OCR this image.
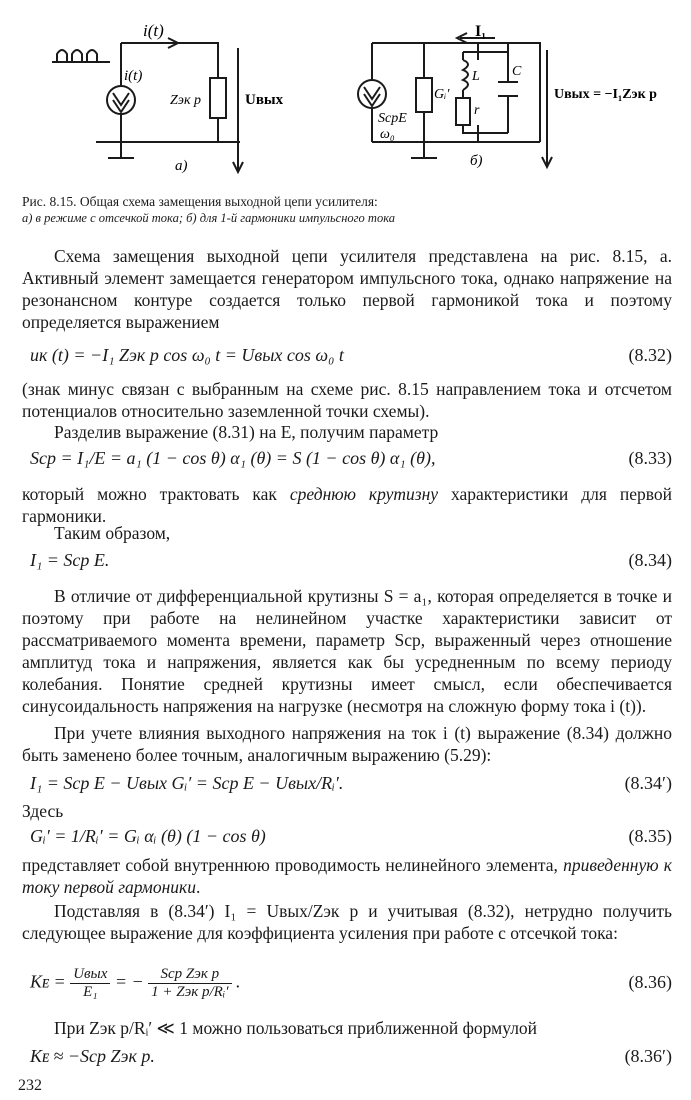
i(t)
i(t)
Zэк р	Uвых
а)
I₁
SсрE
ω₀
Gᵢ′
L
r
C
Uвых = −I₁Zэк р
б)
Рис. 8.15. Общая схема замещения выходной цепи усилителя:
а) в режиме с отсечкой тока; б) для 1-й гармоники импульсного тока
Схема замещения выходной цепи усилителя представлена на рис. 8.15, а. Активный элемент замещается генератором импульсного тока, однако напряжение на резонансном контуре создается только первой гармоникой тока и поэтому определяется выражением
uк (t) = −I₁ Zэк р cos ω₀ t = Uвых cos ω₀ t	(8.32)
(знак минус связан с выбранным на схеме рис. 8.15 направлением тока и отсчетом потенциалов относительно заземленной точки схемы).
Разделив выражение (8.31) на E, получим параметр
Sср = I₁/E = a₁ (1 − cos θ) α₁ (θ) = S (1 − cos θ) α₁ (θ),	(8.33)
который можно трактовать как среднюю крутизну характеристики для первой гармоники.
Таким образом,
I₁ = Sср E.	(8.34)
В отличие от дифференциальной крутизны S = a₁, которая определяется в точке и поэтому при работе на нелинейном участке характеристики зависит от рассматриваемого момента времени, параметр Sср, выраженный через отношение амплитуд тока и напряжения, является как бы усредненным по всему периоду колебания. Понятие средней крутизны имеет смысл, если обеспечивается синусоидальность напряжения на нагрузке (несмотря на сложную форму тока i (t)).
При учете влияния выходного напряжения на ток i (t) выражение (8.34) должно быть заменено более точным, аналогичным выражению (5.29):
I₁ = Sср E − Uвых Gᵢ′ = Sср E − Uвых/Rᵢ′.	(8.34′)
Здесь
Gᵢ′ = 1/Rᵢ′ = Gᵢ αᵢ (θ) (1 − cos θ)	(8.35)
представляет собой внутреннюю проводимость нелинейного элемента, приведенную к току первой гармоники.
Подставляя в (8.34′) I₁ = Uвых/Zэк р и учитывая (8.32), нетрудно получить следующее выражение для коэффициента усиления при работе с отсечкой тока:
Kᴇ = $\frac{\text{Uвых}}{\text{E₁}}$ = − $\frac{\text{Sср Zэк р}}{\text{1 + Zэк р/Rᵢ′}}$ .	(8.36)
При Zэк р/Rᵢ′ ≪ 1 можно пользоваться приближенной формулой
Kᴇ ≈ −Sср Zэк р.	(8.36′)
232
